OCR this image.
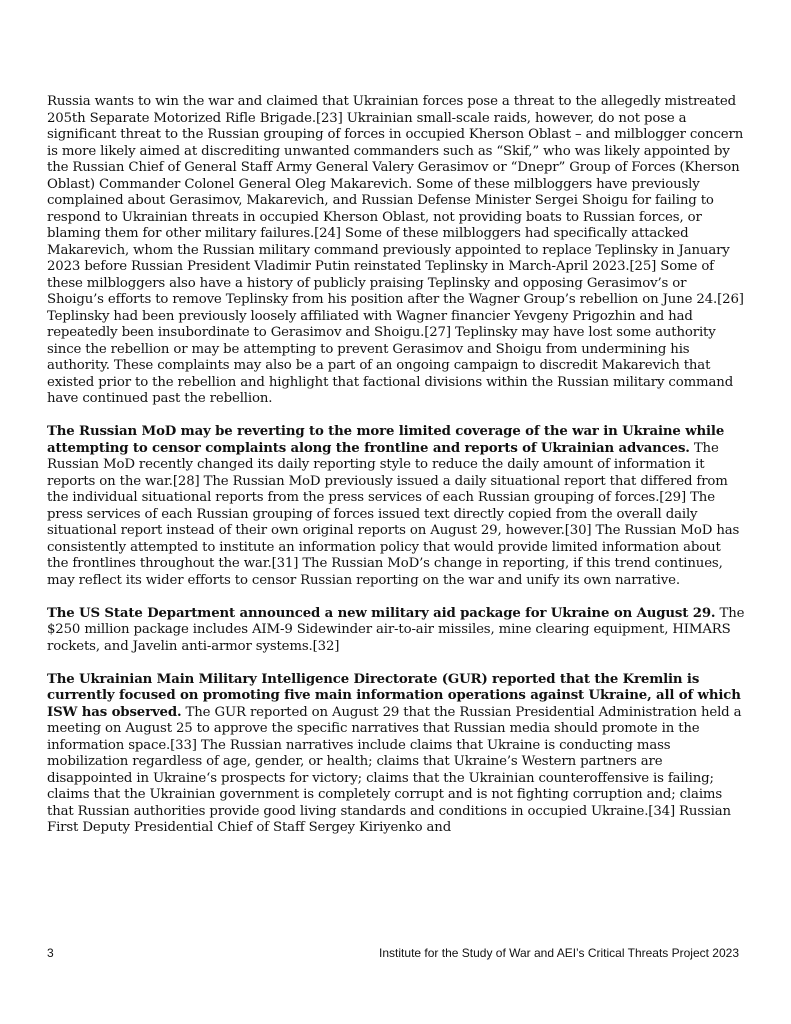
Russia wants to win the war and claimed that Ukrainian forces pose a threat to the allegedly mistreated 205th Separate Motorized Rifle Brigade.[23] Ukrainian small-scale raids, however, do not pose a significant threat to the Russian grouping of forces in occupied Kherson Oblast – and milblogger concern is more likely aimed at discrediting unwanted commanders such as “Skif,” who was likely appointed by the Russian Chief of General Staff Army General Valery Gerasimov or “Dnepr” Group of Forces (Kherson Oblast) Commander Colonel General Oleg Makarevich. Some of these milbloggers have previously complained about Gerasimov, Makarevich, and Russian Defense Minister Sergei Shoigu for failing to respond to Ukrainian threats in occupied Kherson Oblast, not providing boats to Russian forces, or blaming them for other military failures.[24] Some of these milbloggers had specifically attacked Makarevich, whom the Russian military command previously appointed to replace Teplinsky in January 2023 before Russian President Vladimir Putin reinstated Teplinsky in March-April 2023.[25] Some of these milbloggers also have a history of publicly praising Teplinsky and opposing Gerasimov’s or Shoigu’s efforts to remove Teplinsky from his position after the Wagner Group’s rebellion on June 24.[26] Teplinsky had been previously loosely affiliated with Wagner financier Yevgeny Prigozhin and had repeatedly been insubordinate to Gerasimov and Shoigu.[27] Teplinsky may have lost some authority since the rebellion or may be attempting to prevent Gerasimov and Shoigu from undermining his authority. These complaints may also be a part of an ongoing campaign to discredit Makarevich that existed prior to the rebellion and highlight that factional divisions within the Russian military command have continued past the rebellion.

The Russian MoD may be reverting to the more limited coverage of the war in Ukraine while attempting to censor complaints along the frontline and reports of Ukrainian advances. The Russian MoD recently changed its daily reporting style to reduce the daily amount of information it reports on the war.[28] The Russian MoD previously issued a daily situational report that differed from the individual situational reports from the press services of each Russian grouping of forces.[29] The press services of each Russian grouping of forces issued text directly copied from the overall daily situational report instead of their own original reports on August 29, however.[30] The Russian MoD has consistently attempted to institute an information policy that would provide limited information about the frontlines throughout the war.[31] The Russian MoD’s change in reporting, if this trend continues, may reflect its wider efforts to censor Russian reporting on the war and unify its own narrative.

The US State Department announced a new military aid package for Ukraine on August 29. The $250 million package includes AIM-9 Sidewinder air-to-air missiles, mine clearing equipment, HIMARS rockets, and Javelin anti-armor systems.[32]

The Ukrainian Main Military Intelligence Directorate (GUR) reported that the Kremlin is currently focused on promoting five main information operations against Ukraine, all of which ISW has observed. The GUR reported on August 29 that the Russian Presidential Administration held a meeting on August 25 to approve the specific narratives that Russian media should promote in the information space.[33] The Russian narratives include claims that Ukraine is conducting mass mobilization regardless of age, gender, or health; claims that Ukraine’s Western partners are disappointed in Ukraine‘s prospects for victory; claims that the Ukrainian counteroffensive is failing; claims that the Ukrainian government is completely corrupt and is not fighting corruption and; claims that Russian authorities provide good living standards and conditions in occupied Ukraine.[34] Russian First Deputy Presidential Chief of Staff Sergey Kiriyenko and

3	Institute for the Study of War and AEI’s Critical Threats Project 2023
